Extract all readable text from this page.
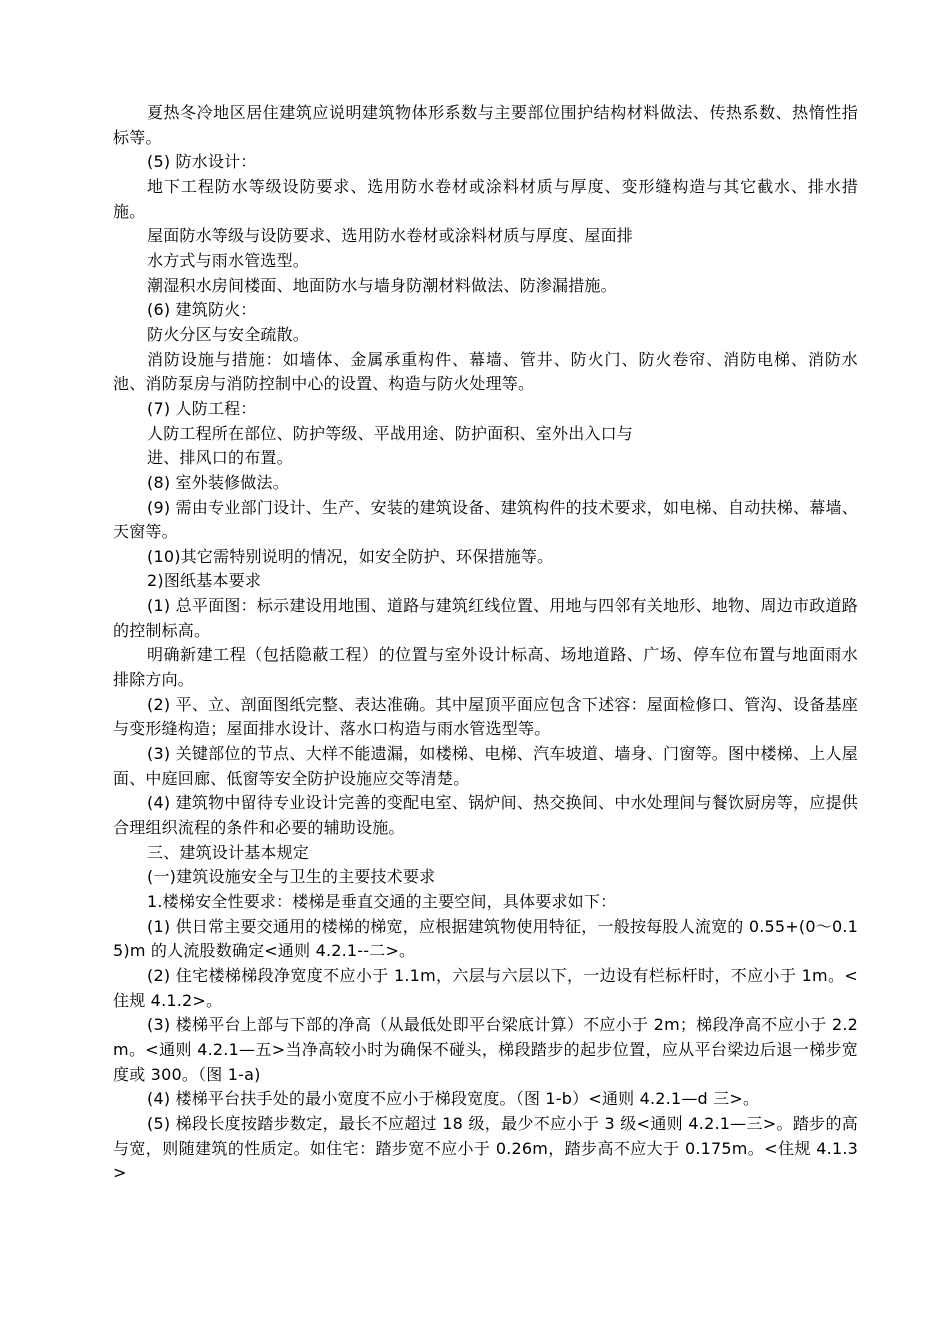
夏热冬冷地区居住建筑应说明建筑物体形系数与主要部位围护结构材料做法、传热系数、热惰性指标等。

(5) 防水设计：

地下工程防水等级设防要求、选用防水卷材或涂料材质与厚度、变形缝构造与其它截水、排水措施。

屋面防水等级与设防要求、选用防水卷材或涂料材质与厚度、屋面排

水方式与雨水管选型。

潮湿积水房间楼面、地面防水与墙身防潮材料做法、防渗漏措施。

(6) 建筑防火：

防火分区与安全疏散。

消防设施与措施：如墙体、金属承重构件、幕墙、管井、防火门、防火卷帘、消防电梯、消防水池、消防泵房与消防控制中心的设置、构造与防火处理等。

(7) 人防工程：

人防工程所在部位、防护等级、平战用途、防护面积、室外出入口与

进、排风口的布置。

(8) 室外装修做法。

(9) 需由专业部门设计、生产、安装的建筑设备、建筑构件的技术要求，如电梯、自动扶梯、幕墙、天窗等。

(10)其它需特别说明的情况，如安全防护、环保措施等。

2)图纸基本要求

(1) 总平面图：标示建设用地围、道路与建筑红线位置、用地与四邻有关地形、地物、周边市政道路的控制标高。

明确新建工程（包括隐蔽工程）的位置与室外设计标高、场地道路、广场、停车位布置与地面雨水排除方向。

(2) 平、立、剖面图纸完整、表达准确。其中屋顶平面应包含下述容：屋面检修口、管沟、设备基座与变形缝构造；屋面排水设计、落水口构造与雨水管选型等。

(3) 关键部位的节点、大样不能遗漏，如楼梯、电梯、汽车坡道、墙身、门窗等。图中楼梯、上人屋面、中庭回廊、低窗等安全防护设施应交等清楚。

(4) 建筑物中留待专业设计完善的变配电室、锅炉间、热交换间、中水处理间与餐饮厨房等，应提供合理组织流程的条件和必要的辅助设施。

三、建筑设计基本规定

(一)建筑设施安全与卫生的主要技术要求

1.楼梯安全性要求：楼梯是垂直交通的主要空间，具体要求如下：

(1) 供日常主要交通用的楼梯的梯宽，应根据建筑物使用特征，一般按每股人流宽的 0.55+(0～0.15)m 的人流股数确定<通则 4.2.1--二>。

(2) 住宅楼梯梯段净宽度不应小于 1.1m，六层与六层以下，一边设有栏标杆时，不应小于 1m。<住规 4.1.2>。

(3) 楼梯平台上部与下部的净高（从最低处即平台梁底计算）不应小于 2m；梯段净高不应小于 2.2m。<通则 4.2.1—五>当净高较小时为确保不碰头，梯段踏步的起步位置，应从平台梁边后退一梯步宽度或 300。（图 1-a)

(4) 楼梯平台扶手处的最小宽度不应小于梯段宽度。（图 1-b）<通则 4.2.1—d 三>。

(5) 梯段长度按踏步数定，最长不应超过 18 级，最少不应小于 3 级<通则 4.2.1—三>。踏步的高与宽，则随建筑的性质定。如住宅：踏步宽不应小于 0.26m，踏步高不应大于 0.175m。<住规 4.1.3>
